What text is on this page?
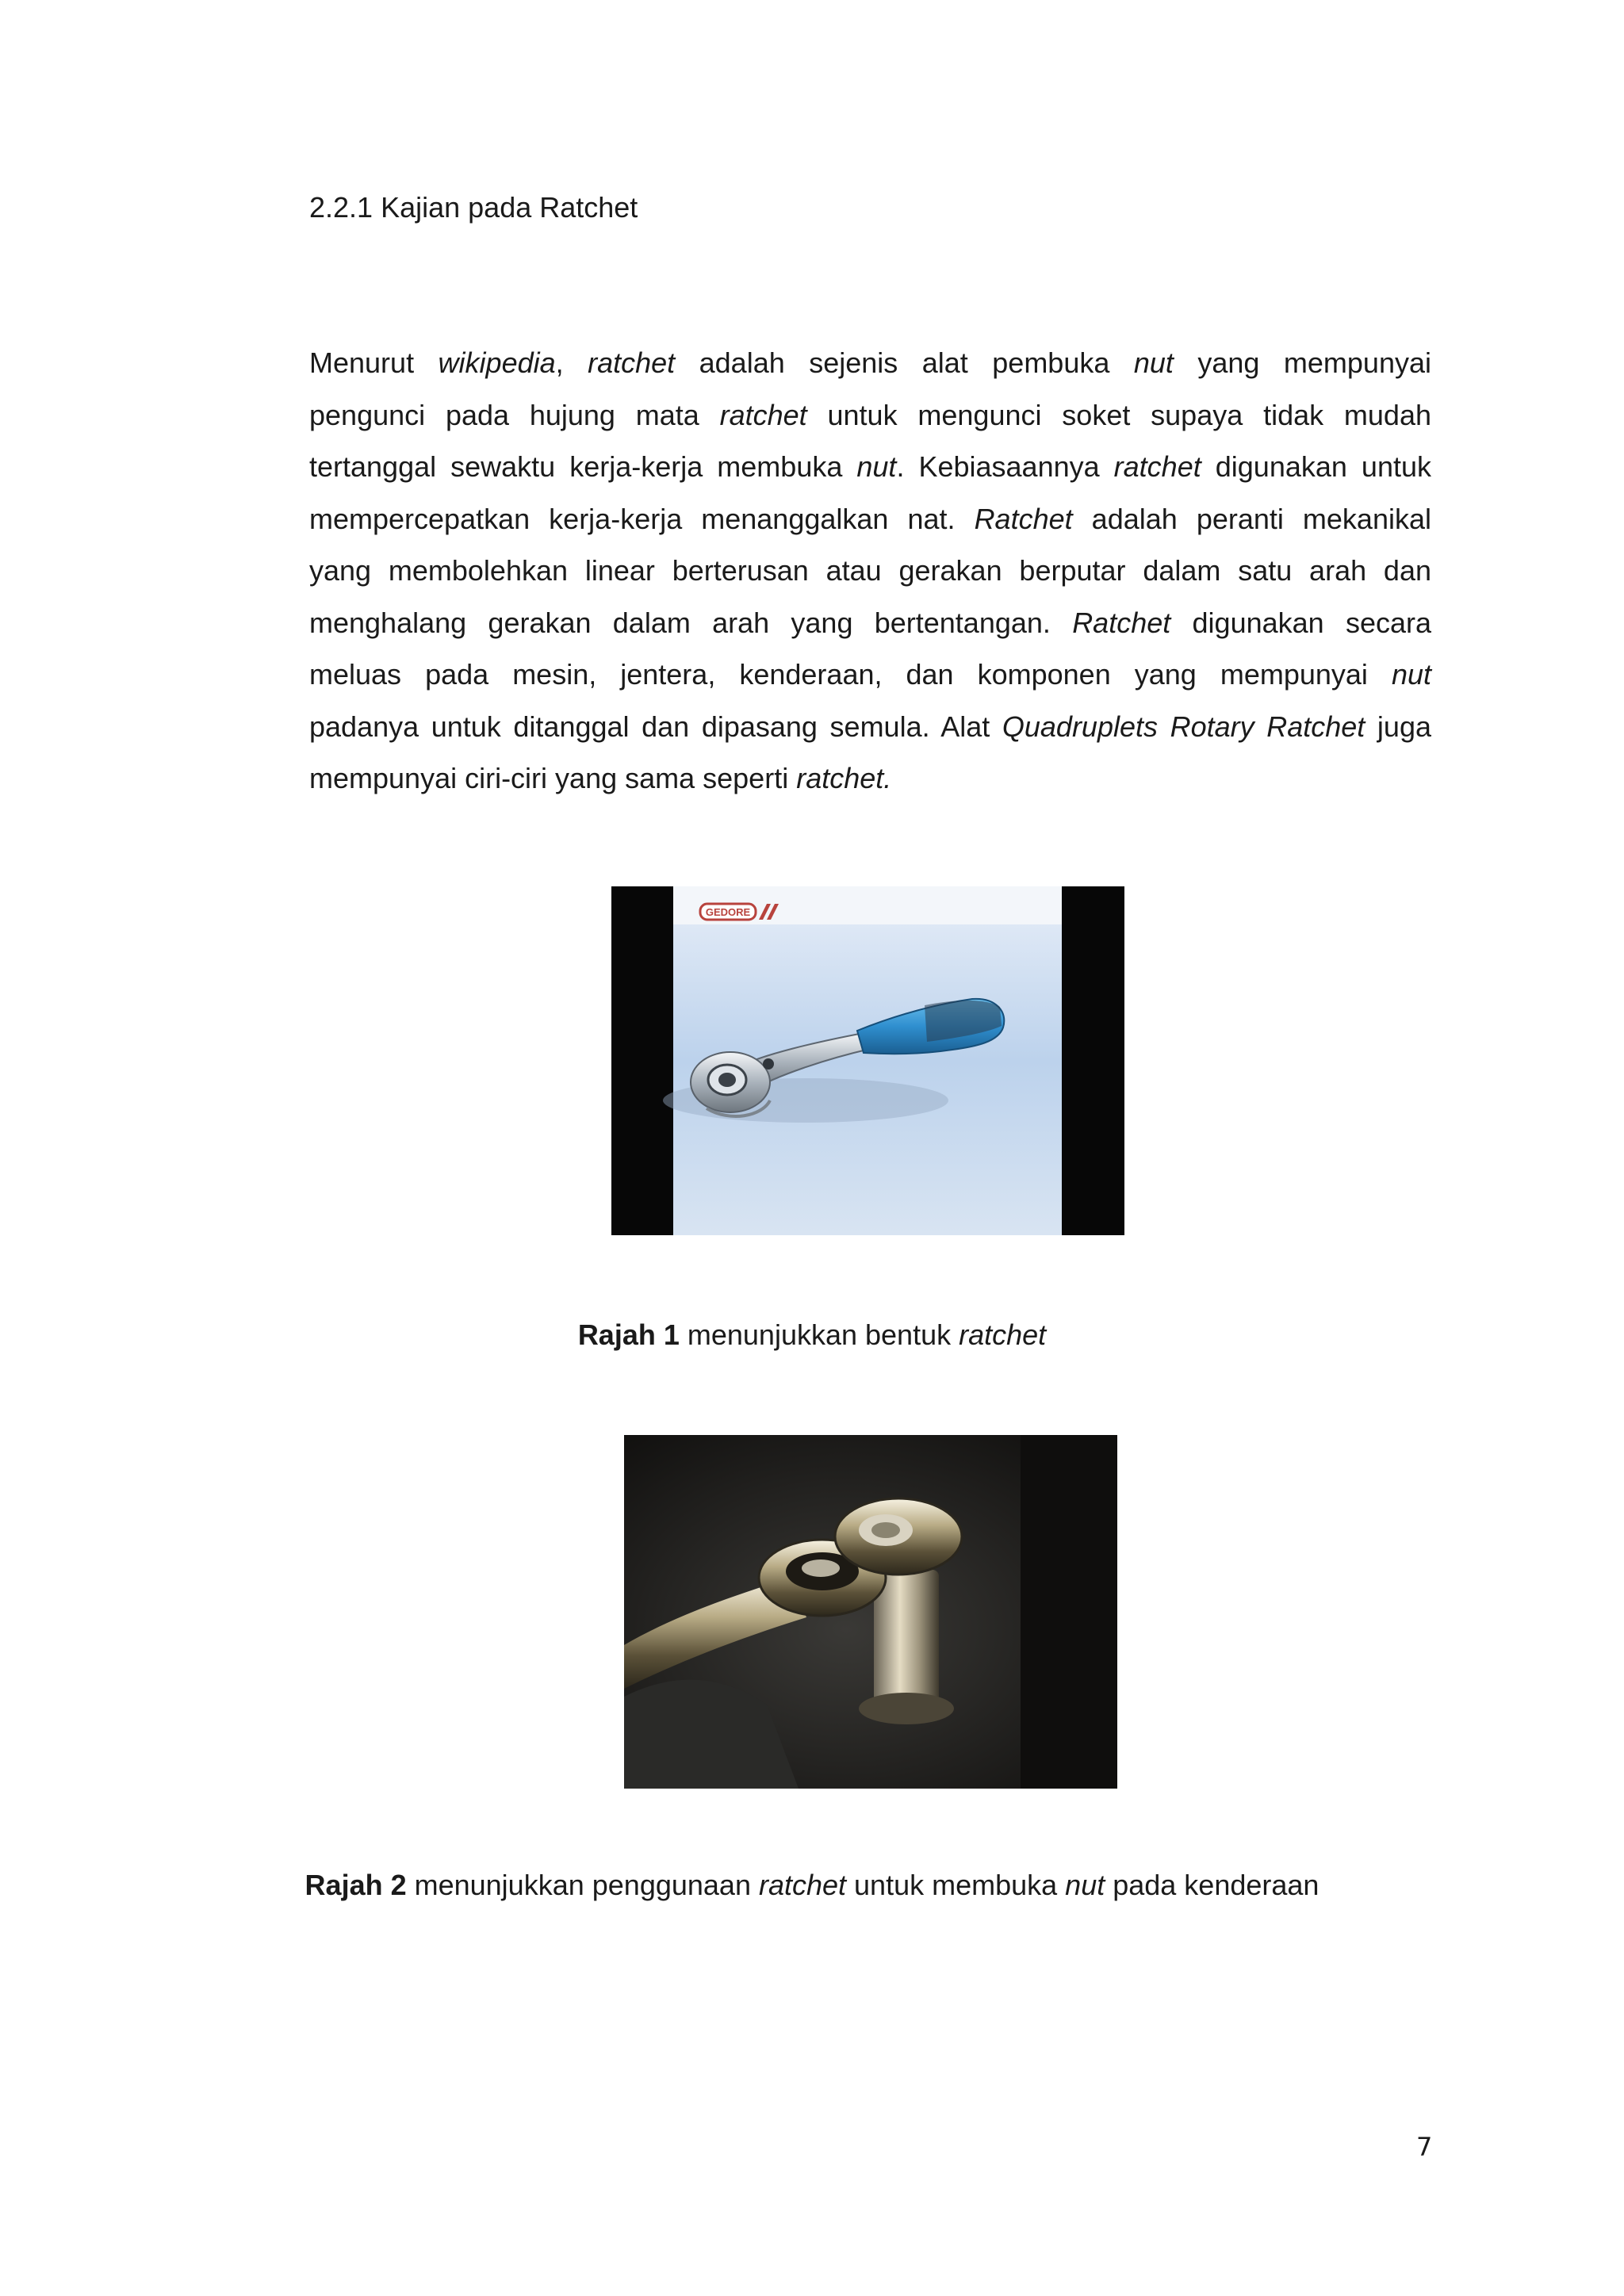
2.2.1 Kajian pada Ratchet
Menurut wikipedia, ratchet adalah sejenis alat pembuka nut yang mempunyai
pengunci pada hujung mata ratchet untuk mengunci soket supaya tidak mudah
tertanggal sewaktu kerja-kerja membuka nut. Kebiasaannya ratchet digunakan untuk
mempercepatkan kerja-kerja menanggalkan nat. Ratchet adalah peranti mekanikal
yang membolehkan linear berterusan atau gerakan berputar dalam satu arah dan
menghalang gerakan dalam arah yang bertentangan. Ratchet digunakan secara
meluas pada mesin, jentera, kenderaan, dan komponen yang mempunyai nut
padanya untuk ditanggal dan dipasang semula. Alat Quadruplets Rotary Ratchet juga
mempunyai ciri-ciri yang sama seperti ratchet.
GEDORE
Rajah 1 menunjukkan bentuk ratchet
Rajah 2 menunjukkan penggunaan ratchet untuk membuka nut pada kenderaan
7
